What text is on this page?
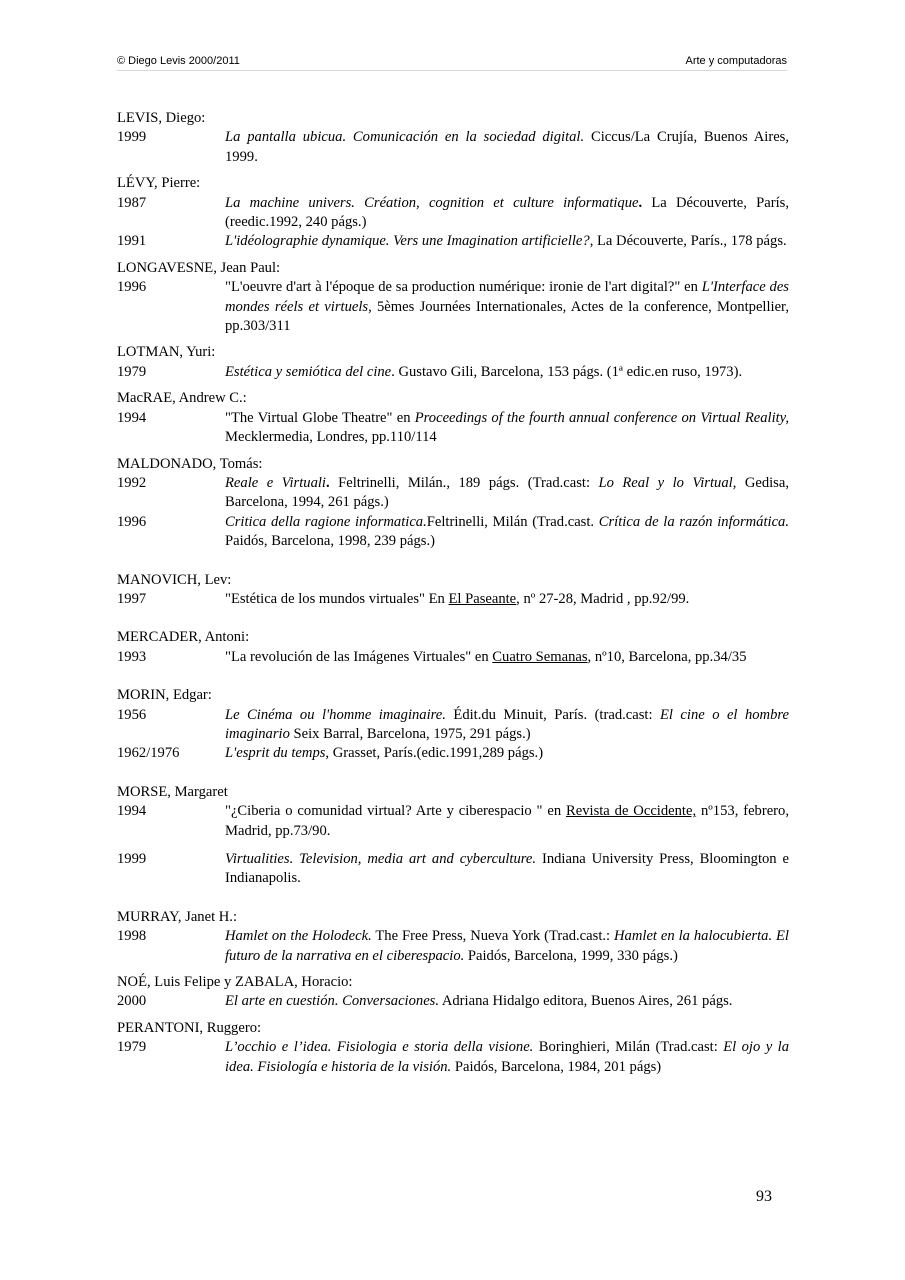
© Diego Levis 2000/2011	Arte y computadoras
LEVIS, Diego:
1999	La pantalla ubicua. Comunicación en la sociedad digital. Ciccus/La Crujía, Buenos Aires, 1999.
LÉVY, Pierre:
1987	La machine univers. Création, cognition et culture informatique. La Découverte, París, (reedic.1992, 240 págs.)
1991	L'idéolographie dynamique. Vers une Imagination artificielle?, La Découverte, París., 178 págs.
LONGAVESNE, Jean Paul:
1996	"L'oeuvre d'art à l'époque de sa production numérique: ironie de l'art digital?" en L'Interface des mondes réels et virtuels, 5èmes Journées Internationales, Actes de la conference, Montpellier, pp.303/311
LOTMAN, Yuri:
1979	Estética y semiótica del cine. Gustavo Gili, Barcelona, 153 págs. (1ª edic.en ruso, 1973).
MacRAE, Andrew C.:
1994	"The Virtual Globe Theatre" en Proceedings of the fourth annual conference on Virtual Reality, Mecklermedia, Londres, pp.110/114
MALDONADO, Tomás:
1992	Reale e Virtuali. Feltrinelli, Milán., 189 págs. (Trad.cast: Lo Real y lo Virtual, Gedisa, Barcelona, 1994, 261 págs.)
1996	Critica della ragione informatica.Feltrinelli, Milán (Trad.cast. Crítica de la razón informática. Paidós, Barcelona, 1998, 239 págs.)
MANOVICH, Lev:
1997	"Estética de los mundos virtuales" En El Paseante, nº 27-28, Madrid , pp.92/99.
MERCADER, Antoni:
1993	"La revolución de las Imágenes Virtuales" en Cuatro Semanas, nº10, Barcelona, pp.34/35
MORIN, Edgar:
1956	Le Cinéma ou l'homme imaginaire. Édit.du Minuit, París. (trad.cast: El cine o el hombre imaginario Seix Barral, Barcelona, 1975, 291 págs.)
1962/1976	L'esprit du temps, Grasset, París.(edic.1991,289 págs.)
MORSE, Margaret
1994	"¿Ciberia o comunidad virtual? Arte y ciberespacio " en Revista de Occidente, nº153, febrero, Madrid, pp.73/90.
1999	Virtualities. Television, media art and cyberculture. Indiana University Press, Bloomington e Indianapolis.
MURRAY, Janet H.:
1998	Hamlet on the Holodeck. The Free Press, Nueva York (Trad.cast.: Hamlet en la halocubierta. El futuro de la narrativa en el ciberespacio. Paidós, Barcelona, 1999, 330 págs.)
NOÉ, Luis Felipe y ZABALA, Horacio:
2000	El arte en cuestión. Conversaciones. Adriana Hidalgo editora, Buenos Aires, 261 págs.
PERANTONI, Ruggero:
1979	L’occhio e l’idea. Fisiologia e storia della visione. Boringhieri, Milán (Trad.cast: El ojo y la idea. Fisiología e historia de la visión. Paidós, Barcelona, 1984, 201 págs)
93
